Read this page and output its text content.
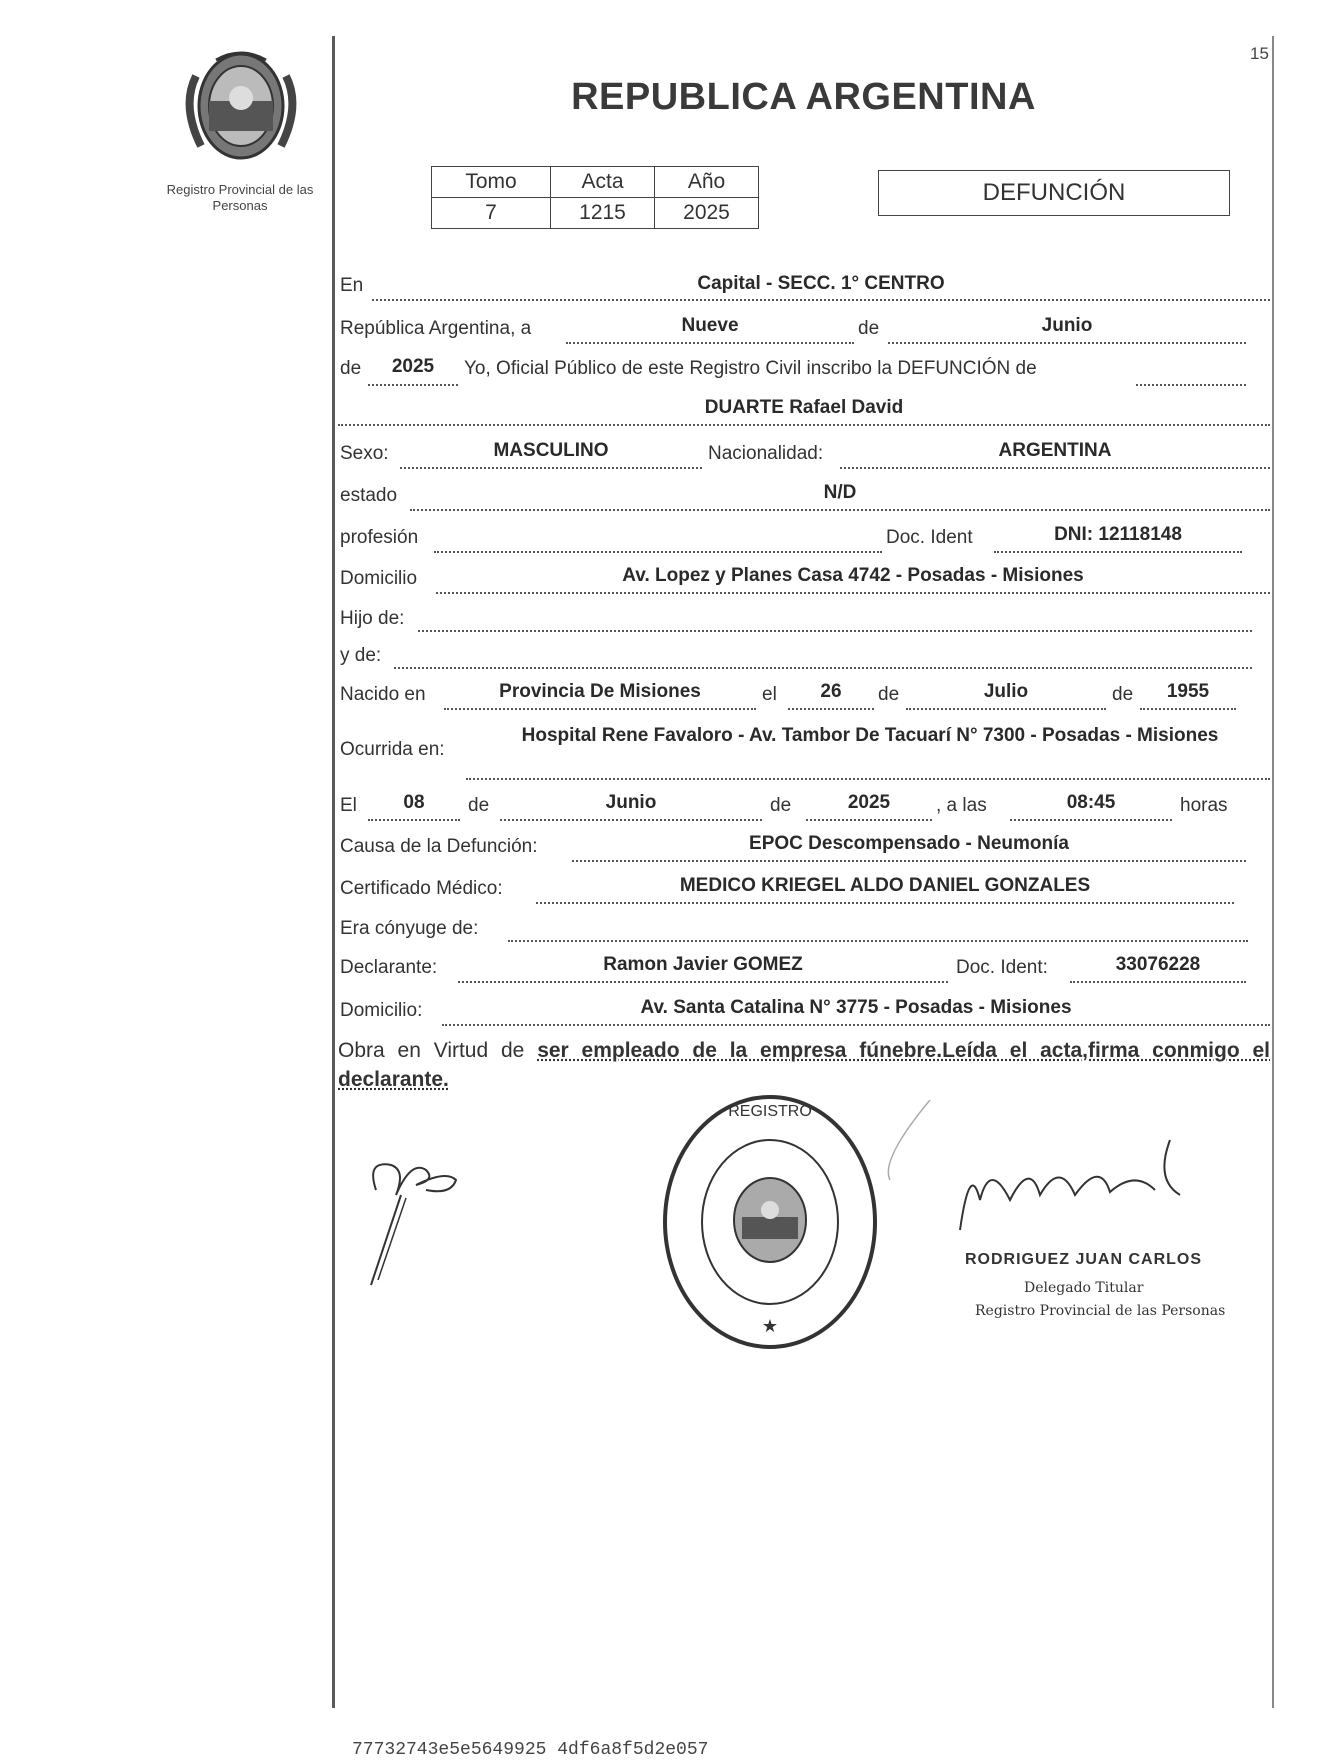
15
Registro Provincial de las Personas
REPUBLICA ARGENTINA
Tomo	Acta	Año
7	1215	2025
DEFUNCIÓN
En	Capital - SECC. 1° CENTRO
República Argentina, a	Nueve	de	Junio
de	2025	Yo, Oficial Público de este Registro Civil inscribo la DEFUNCIÓN de
DUARTE Rafael David
Sexo:	MASCULINO	Nacionalidad:	ARGENTINA
estado	N/D
profesión	Doc. Ident	DNI: 12118148
Domicilio	Av. Lopez y Planes Casa 4742 - Posadas - Misiones
Hijo de:
y de:
Nacido en	Provincia De Misiones	el	26	de	Julio	de	1955
Ocurrida en:
Hospital Rene Favaloro - Av. Tambor De Tacuarí N° 7300 - Posadas - Misiones
El	08	de	Junio	de	2025	, a las	08:45	horas
Causa de la Defunción:	EPOC Descompensado - Neumonía
Certificado Médico:	MEDICO KRIEGEL ALDO DANIEL GONZALES
Era cónyuge de:
Declarante:	Ramon Javier GOMEZ	Doc. Ident:	33076228
Domicilio:	Av. Santa Catalina N° 3775 - Posadas - Misiones
Obra en Virtud de ser empleado de la empresa fúnebre.Leída el acta,firma conmigo el declarante.
REGISTRO
★
RODRIGUEZ JUAN CARLOS
Delegado Titular
Registro Provincial de las Personas
77732743e5e5649925 4df6a8f5d2e057
